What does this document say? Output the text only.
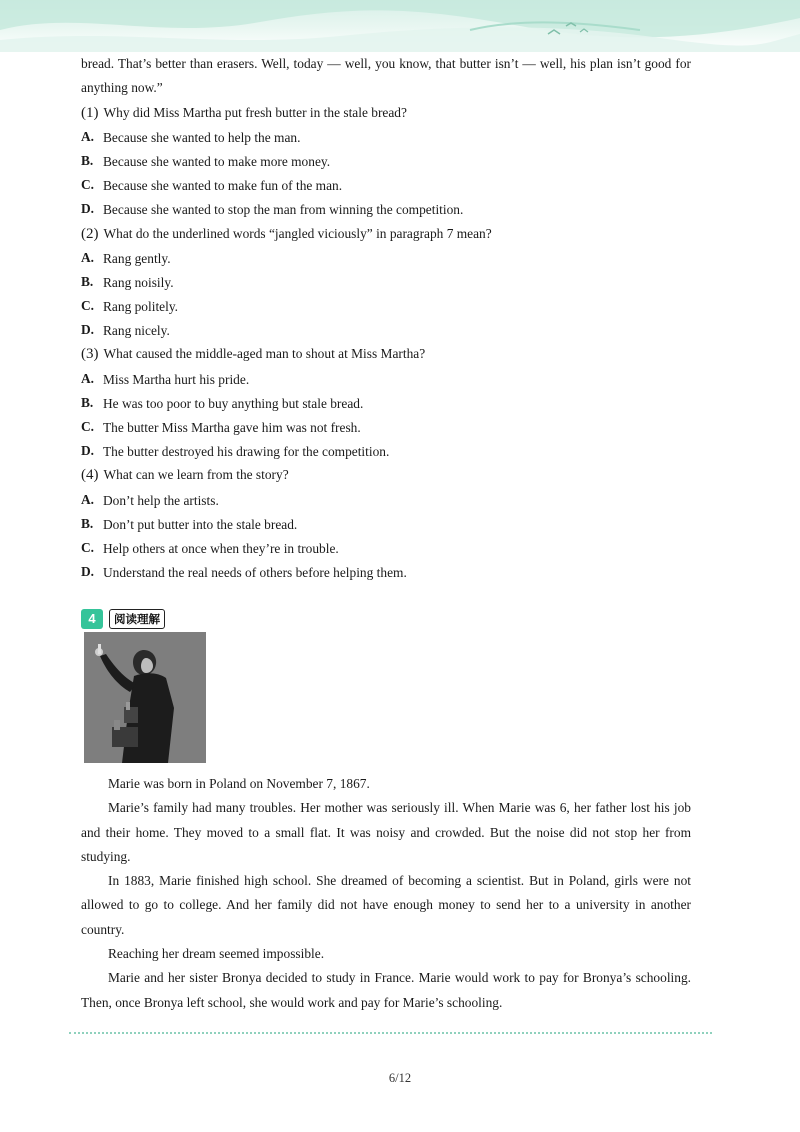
bread. That’s better than erasers. Well, today — well, you know, that butter isn’t — well, his plan isn’t good for anything now.”
(1) Why did Miss Martha put fresh butter in the stale bread?
A. Because she wanted to help the man.
B. Because she wanted to make more money.
C. Because she wanted to make fun of the man.
D. Because she wanted to stop the man from winning the competition.
(2) What do the underlined words “jangled viciously” in paragraph 7 mean?
A. Rang gently.
B. Rang noisily.
C. Rang politely.
D. Rang nicely.
(3) What caused the middle-aged man to shout at Miss Martha?
A. Miss Martha hurt his pride.
B. He was too poor to buy anything but stale bread.
C. The butter Miss Martha gave him was not fresh.
D. The butter destroyed his drawing for the competition.
(4) What can we learn from the story?
A. Don’t help the artists.
B. Don’t put butter into the stale bread.
C. Help others at once when they’re in trouble.
D. Understand the real needs of others before helping them.
4	阅读理解
Marie was born in Poland on November 7, 1867.
Marie’s family had many troubles. Her mother was seriously ill. When Marie was 6, her father lost his job and their home. They moved to a small flat. It was noisy and crowded. But the noise did not stop her from studying.
In 1883, Marie finished high school. She dreamed of becoming a scientist. But in Poland, girls were not allowed to go to college. And her family did not have enough money to send her to a university in another country.
Reaching her dream seemed impossible.
Marie and her sister Bronya decided to study in France. Marie would work to pay for Bronya’s schooling. Then, once Bronya left school, she would work and pay for Marie’s schooling.
6/12
